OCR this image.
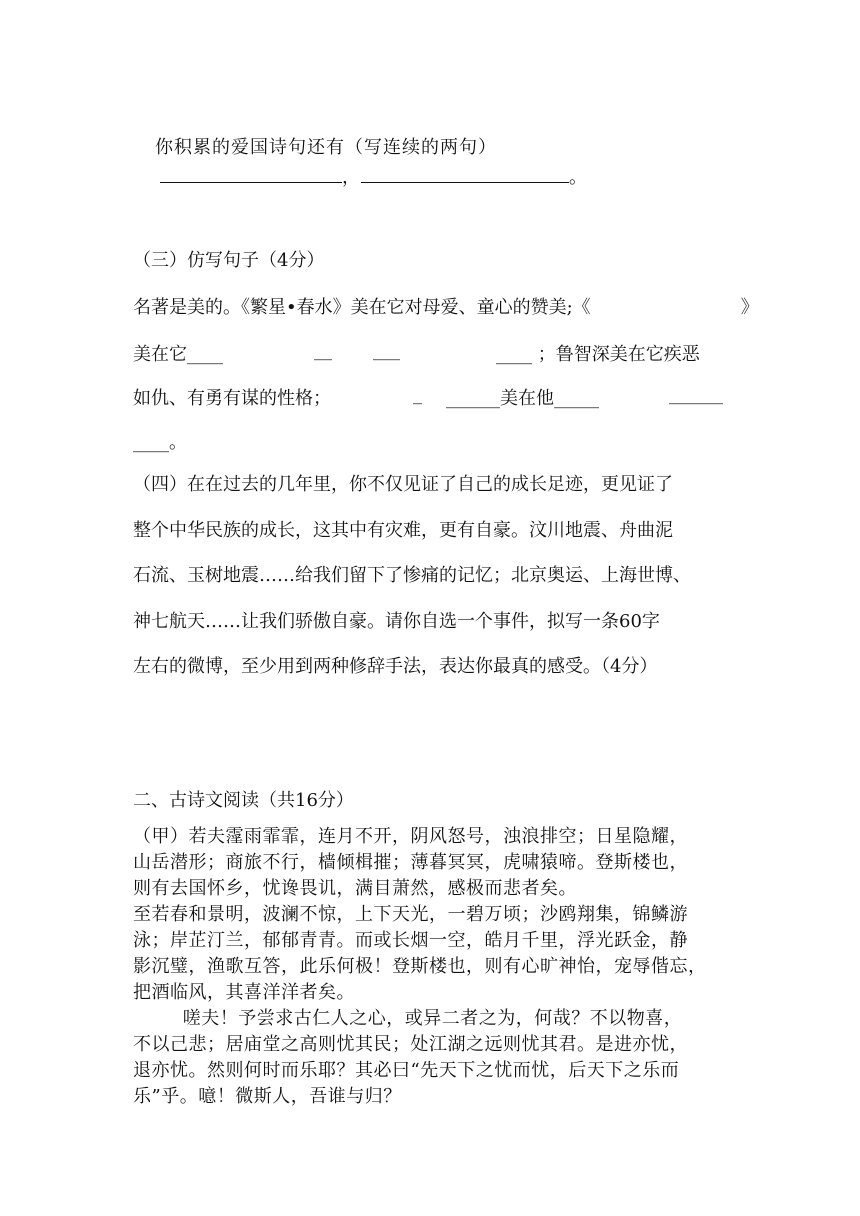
你积累的爱国诗句还有（写连续的两句）
，	。
（三）仿写句子（4分）
名著是美的。《繁星•春水》美在它对母爱、童心的赞美;《	》
美在它____	__ ___	____ ；鲁智深美在它疾恶
如仇、有勇有谋的性格；	_ ______美在他_____	______
____。
（四）在在过去的几年里，你不仅见证了自己的成长足迹，更见证了
整个中华民族的成长，这其中有灾难，更有自豪。汶川地震、舟曲泥
石流、玉树地震……给我们留下了惨痛的记忆；北京奥运、上海世博、
神七航天……让我们骄傲自豪。请你自选一个事件，拟写一条60字
左右的微博，至少用到两种修辞手法，表达你最真的感受。（4分）
二、古诗文阅读（共16分）
（甲）若夫霪雨霏霏，连月不开，阴风怒号，浊浪排空；日星隐耀，
山岳潜形；商旅不行，樯倾楫摧；薄暮冥冥，虎啸猿啼。登斯楼也，
则有去国怀乡，忧谗畏讥，满目萧然，感极而悲者矣。
至若春和景明，波澜不惊，上下天光，一碧万顷；沙鸥翔集，锦鳞游
泳；岸芷汀兰，郁郁青青。而或长烟一空，皓月千里，浮光跃金，静
影沉璧，渔歌互答，此乐何极！登斯楼也，则有心旷神怡，宠辱偕忘，
把酒临风，其喜洋洋者矣。
嗟夫！予尝求古仁人之心，或异二者之为，何哉？不以物喜，
不以己悲；居庙堂之高则忧其民；处江湖之远则忧其君。是进亦忧，
退亦忧。然则何时而乐耶？其必曰“先天下之忧而忧，后天下之乐而
乐”乎。噫！微斯人，吾谁与归？
